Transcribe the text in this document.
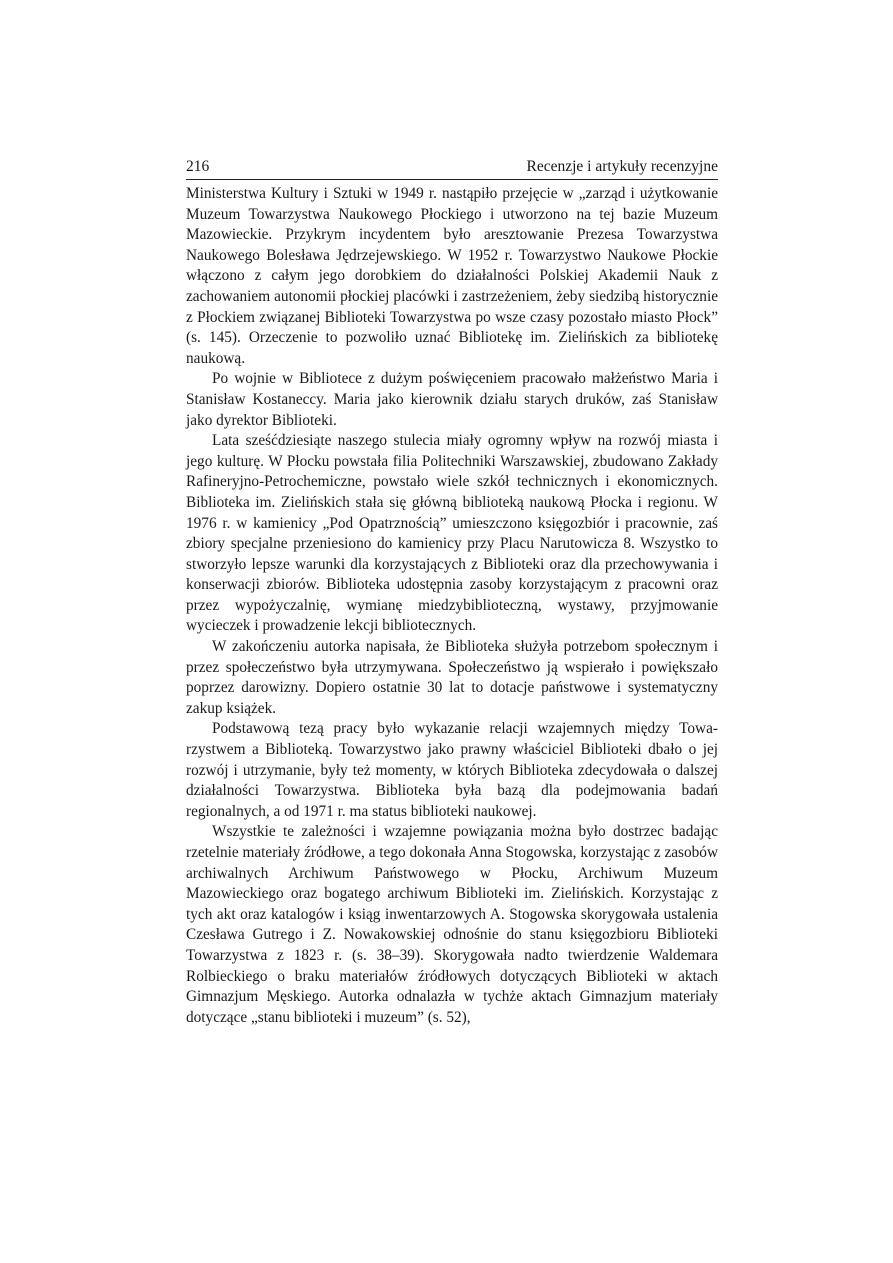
216	Recenzje i artykuły recenzyjne

Ministerstwa Kultury i Sztuki w 1949 r. nastąpiło przejęcie w „zarząd i użytkowanie Muzeum Towarzystwa Naukowego Płockiego i utworzono na tej bazie Muzeum Mazowieckie. Przykrym incydentem było aresztowanie Prezesa Towarzystwa Naukowego Bolesława Jędrzejewskiego. W 1952 r. Towarzystwo Naukowe Płockie włączono z całym jego dorobkiem do działalności Polskiej Akademii Nauk z zachowaniem autonomii płockiej placówki i zastrzeżeniem, żeby siedzibą historycznie z Płockiem związanej Biblioteki Towarzystwa po wsze czasy pozostało miasto Płock” (s. 145). Orzeczenie to pozwoliło uznać Bibliotekę im. Zielińskich za bibliotekę naukową.

Po wojnie w Bibliotece z dużym poświęceniem pracowało małżeństwo Maria i Stanisław Kostaneccy. Maria jako kierownik działu starych druków, zaś Stanisław jako dyrektor Biblioteki.

Lata sześćdziesiąte naszego stulecia miały ogromny wpływ na rozwój miasta i jego kulturę. W Płocku powstała filia Politechniki Warszawskiej, zbudowano Zakłady Rafineryjno-Petrochemiczne, powstało wiele szkół technicznych i ekonomicznych. Biblioteka im. Zielińskich stała się główną biblioteką naukową Płocka i regionu. W 1976 r. w kamienicy „Pod Opatrznością” umieszczono księgozbiór i pracownie, zaś zbiory specjalne przeniesiono do kamienicy przy Placu Narutowicza 8. Wszystko to stworzyło lepsze warunki dla korzystających z Biblioteki oraz dla przechowywania i konserwacji zbiorów. Biblioteka udostępnia zasoby korzystającym z pracowni oraz przez wypożyczalnię, wymianę miedzybiblioteczną, wystawy, przyjmowanie wycieczek i prowadzenie lekcji bibliotecznych.

W zakończeniu autorka napisała, że Biblioteka służyła potrzebom społecznym i przez społeczeństwo była utrzymywana. Społeczeństwo ją wspierało i powiększało poprzez darowizny. Dopiero ostatnie 30 lat to dotacje państwowe i systematyczny zakup książek.

Podstawową tezą pracy było wykazanie relacji wzajemnych między Towarzystwem a Biblioteką. Towarzystwo jako prawny właściciel Biblioteki dbało o jej rozwój i utrzymanie, były też momenty, w których Biblioteka zdecydowała o dalszej działalności Towarzystwa. Biblioteka była bazą dla podejmowania badań regionalnych, a od 1971 r. ma status biblioteki naukowej.

Wszystkie te zależności i wzajemne powiązania można było dostrzec badając rzetelnie materiały źródłowe, a tego dokonała Anna Stogowska, korzystając z zasobów archiwalnych Archiwum Państwowego w Płocku, Archiwum Muzeum Mazowieckiego oraz bogatego archiwum Biblioteki im. Zielińskich. Korzystając z tych akt oraz katalogów i ksiąg inwentarzowych A. Stogowska skorygowała ustalenia Czesława Gutrego i Z. Nowakowskiej odnośnie do stanu księgozbioru Biblioteki Towarzystwa z 1823 r. (s. 38–39). Skorygowała nadto twierdzenie Waldemara Rolbieckiego o braku materiałów źródłowych dotyczących Biblioteki w aktach Gimnazjum Męskiego. Autorka odnalazła w tychże aktach Gimnazjum materiały dotyczące „stanu biblioteki i muzeum” (s. 52),
